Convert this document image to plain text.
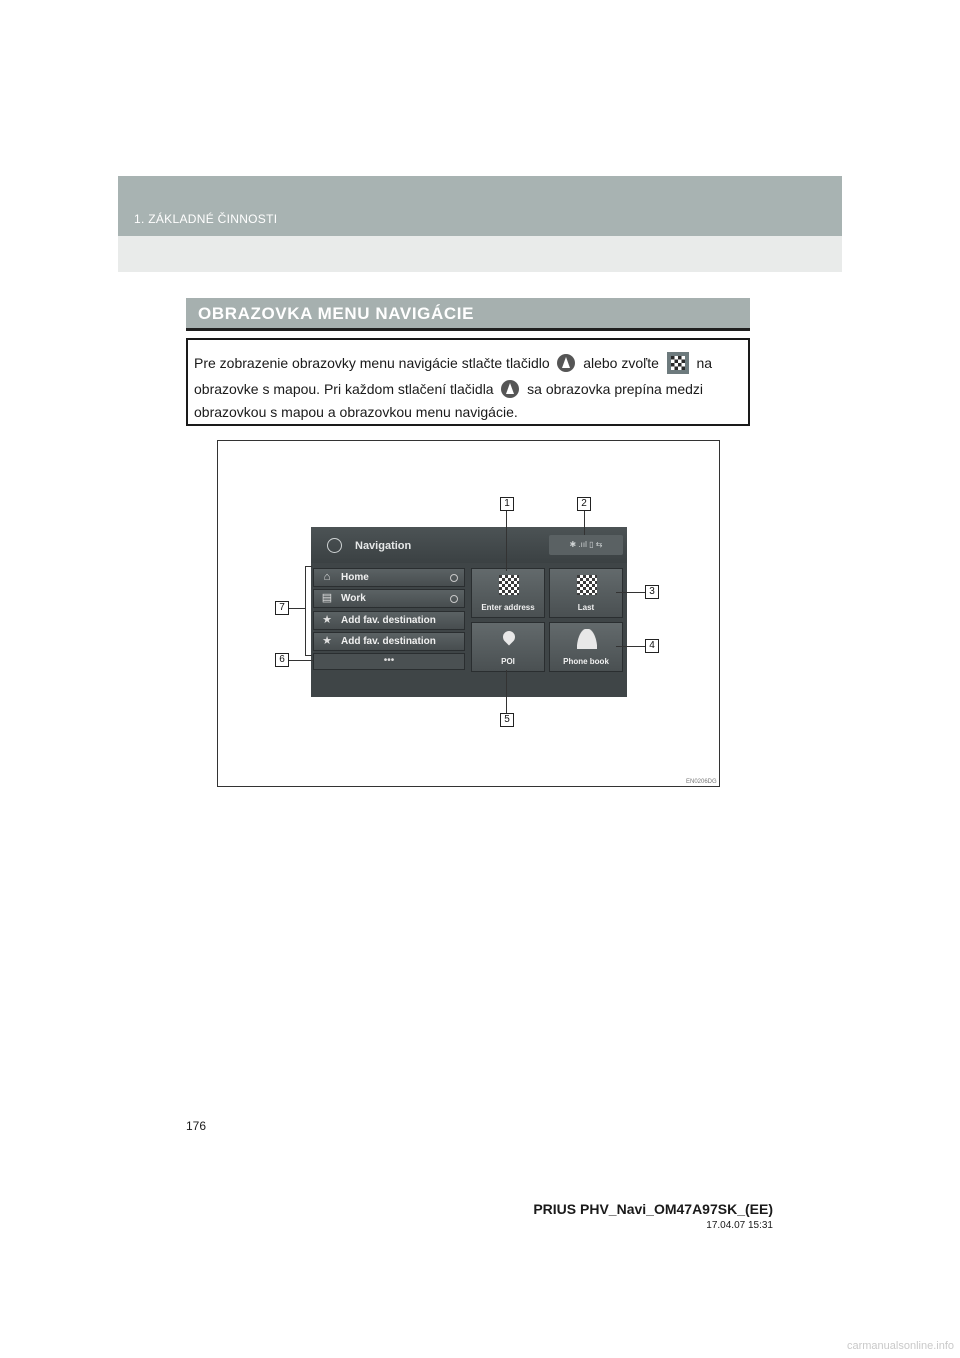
1. ZÁKLADNÉ ČINNOSTI
OBRAZOVKA MENU NAVIGÁCIE
Pre zobrazenie obrazovky menu navigácie stlačte tlačidlo alebo zvoľte	na
obrazovke s mapou. Pri každom stlačení tlačidla sa obrazovka prepína medzi
obrazovkou s mapou a obrazovkou menu navigácie.
Navigation	✱ .ııl ▯ ⇆
⌂	Home
▤ Work
★ Add fav. destination
★ Add fav. destination
•••
Enter address	Last
POI	Phone book
1	2
3
4
5
6
7
EN0206DG
176
PRIUS PHV_Navi_OM47A97SK_(EE)
17.04.07 15:31
carmanualsonline.info
